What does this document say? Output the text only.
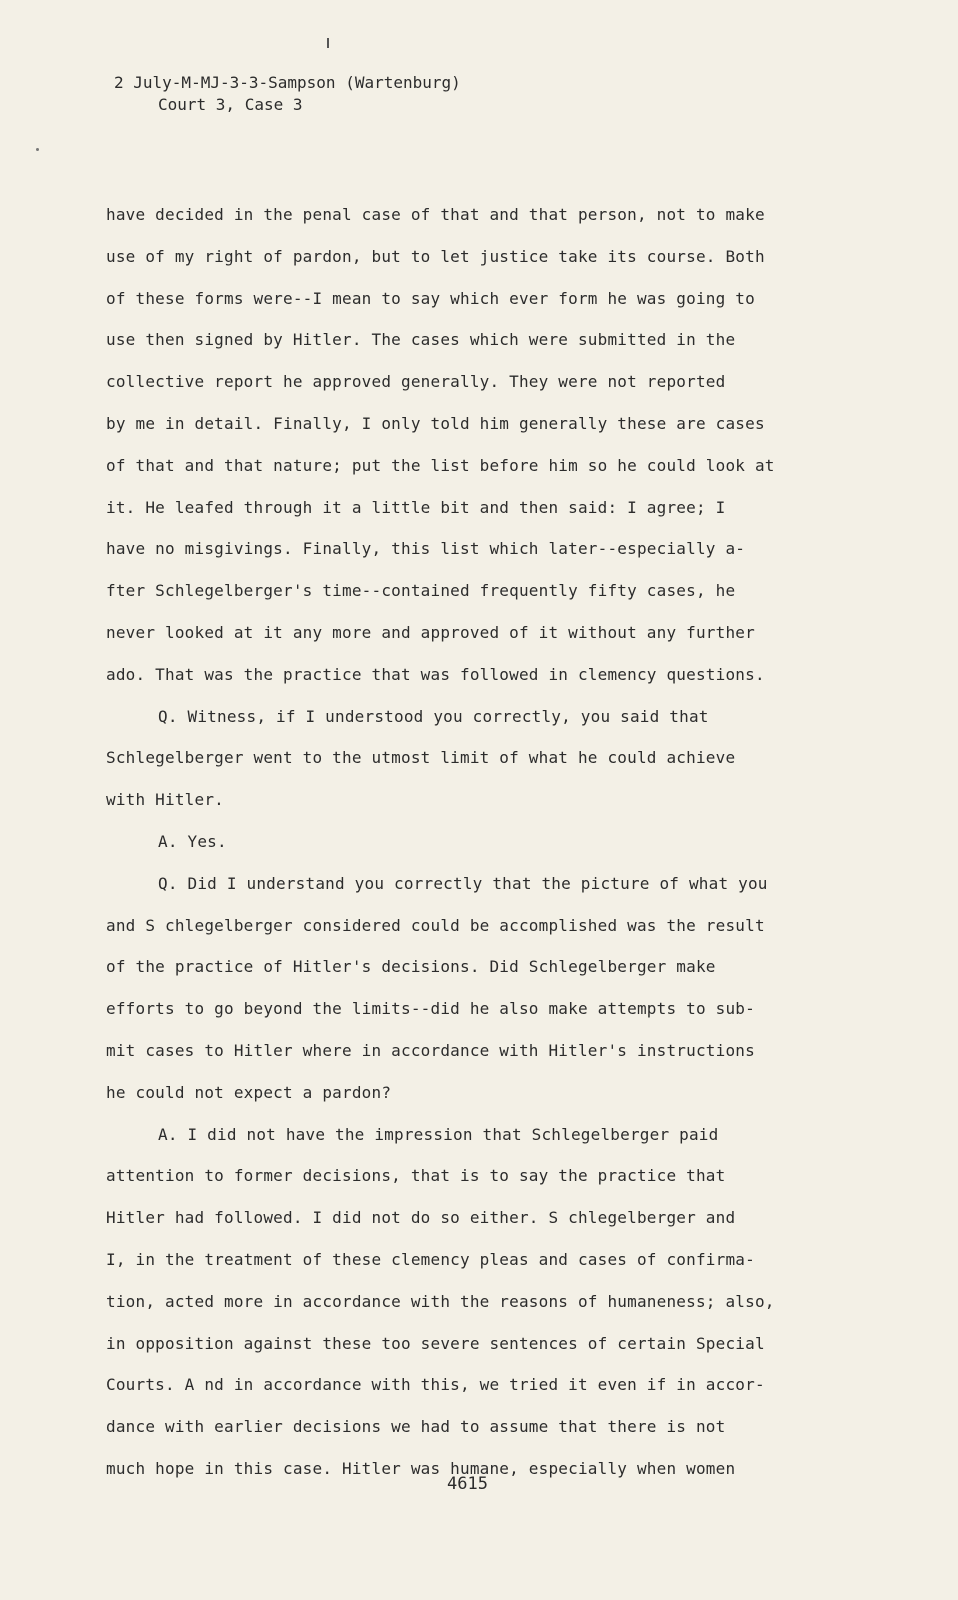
2 July-M-MJ-3-3-Sampson (Wartenburg)
Court 3, Case 3

have decided in the penal case of that and that person, not to make

use of my right of pardon, but to let justice take its course. Both

of these forms were--I mean to say which ever form he was going to

use then signed by Hitler. The cases which were submitted in the

collective report he approved generally. They were not reported

by me in detail. Finally, I only told him generally these are cases

of that and that nature; put the list before him so he could look at

it. He leafed through it a little bit and then said: I agree; I

have no misgivings. Finally, this list which later--especially a-

fter Schlegelberger's time--contained frequently fifty cases, he

never looked at it any more and approved of it without any further

ado. That was the practice that was followed in clemency questions.

Q. Witness, if I understood you correctly, you said that

Schlegelberger went to the utmost limit of what he could achieve

with Hitler.

A. Yes.

Q. Did I understand you correctly that the picture of what you

and S chlegelberger considered could be accomplished was the result

of the practice of Hitler's decisions. Did Schlegelberger make

efforts to go beyond the limits--did he also make attempts to sub-

mit cases to Hitler where in accordance with Hitler's instructions

he could not expect a pardon?

A. I did not have the impression that Schlegelberger paid

attention to former decisions, that is to say the practice that

Hitler had followed. I did not do so either. S chlegelberger and

I, in the treatment of these clemency pleas and cases of confirma-

tion, acted more in accordance with the reasons of humaneness; also,

in opposition against these too severe sentences of certain Special

Courts. A nd in accordance with this, we tried it even if in accor-

dance with earlier decisions we had to assume that there is not

much hope in this case. Hitler was humane, especially when women

4615
